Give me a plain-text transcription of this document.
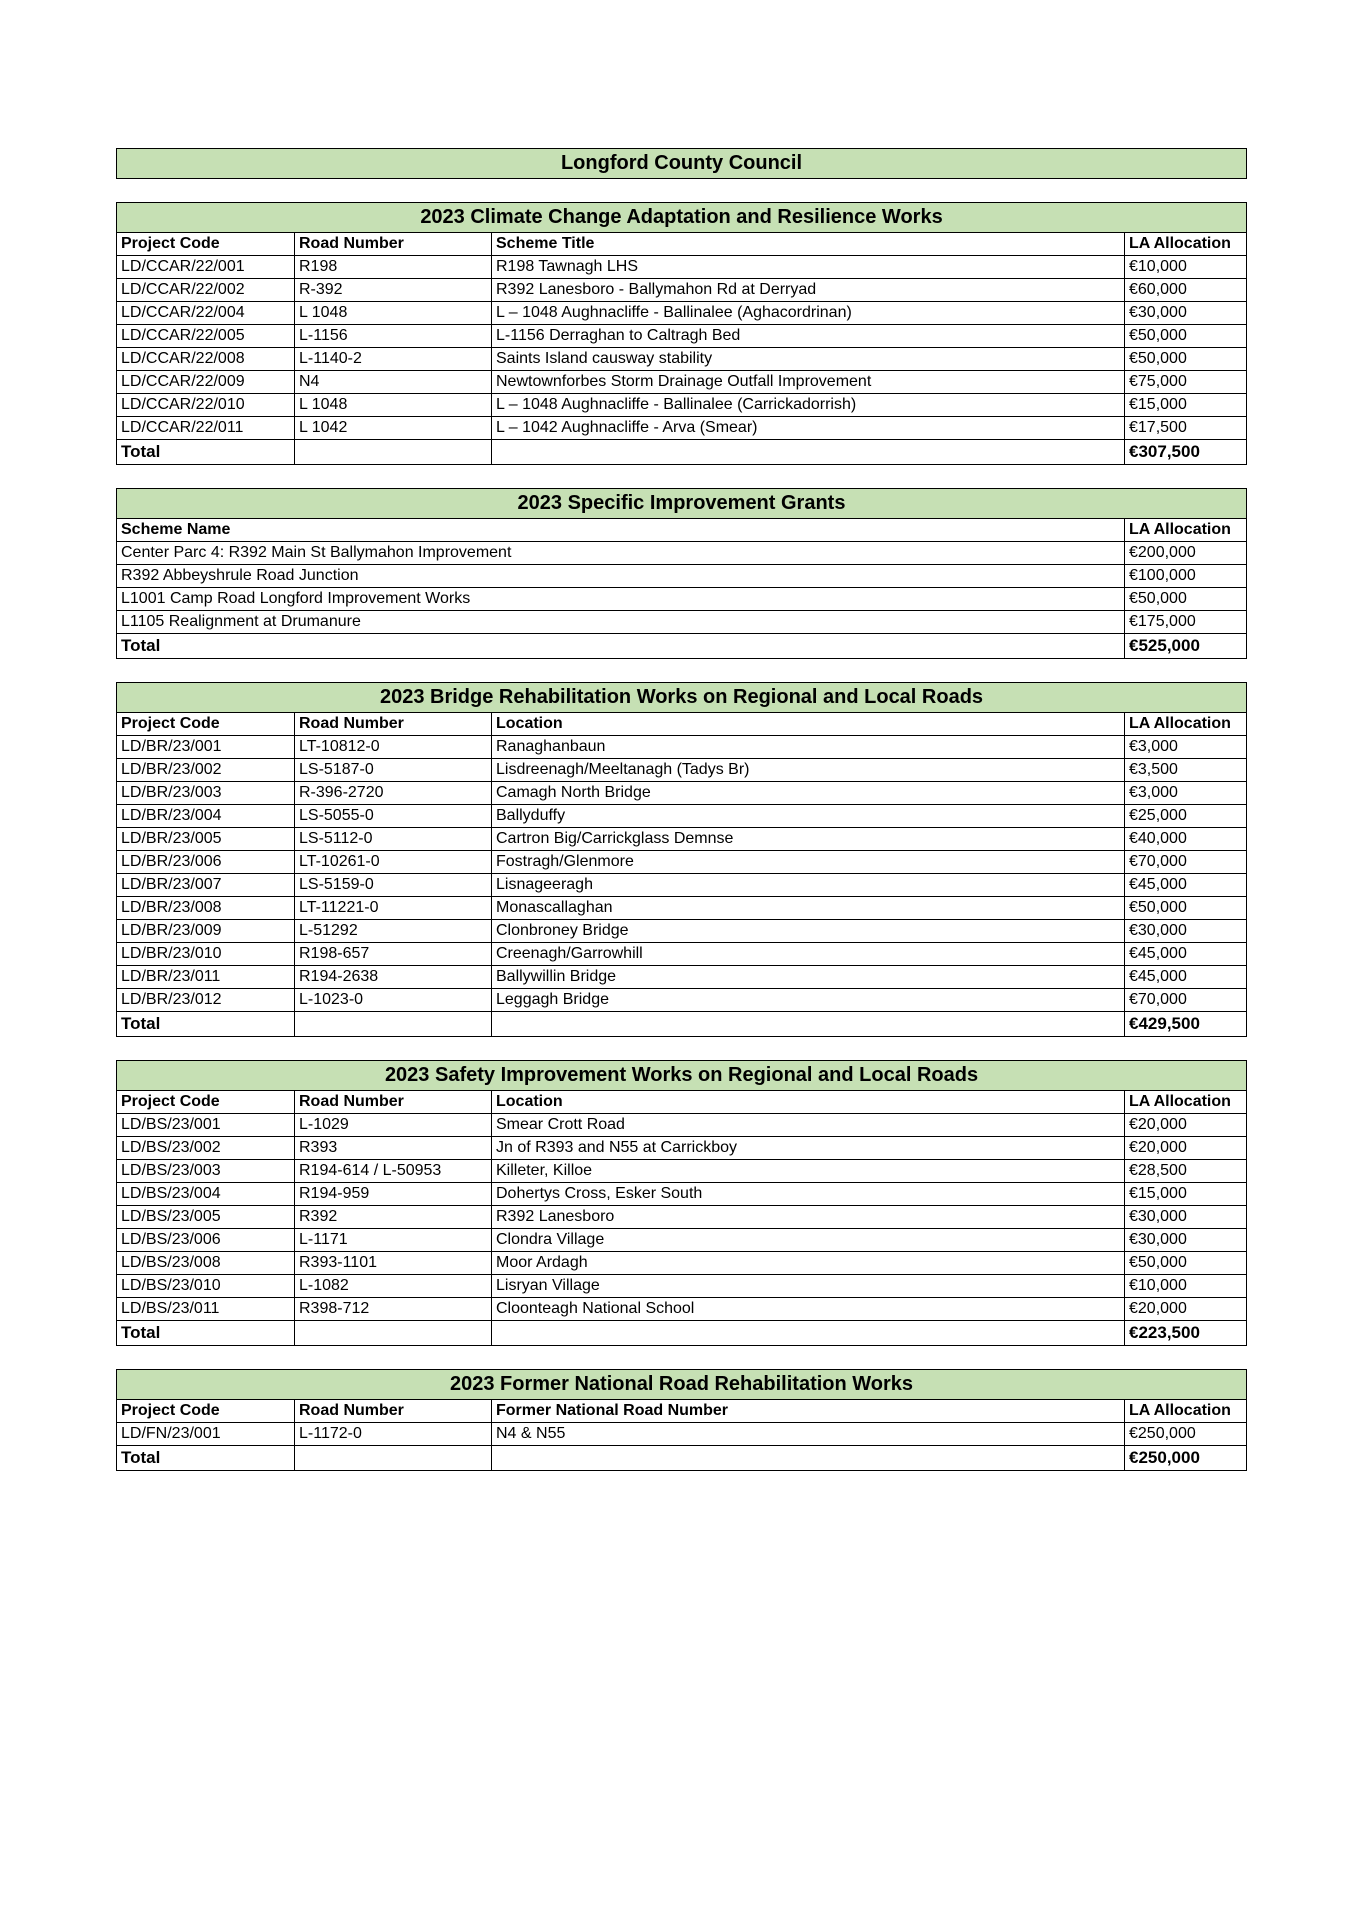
Longford County Council			

2023 Climate Change Adaptation and Resilience Works			
Project Code	Road Number	Scheme Title	LA Allocation
LD/CCAR/22/001	R198	R198 Tawnagh LHS	€10,000
LD/CCAR/22/002	R-392	R392 Lanesboro - Ballymahon Rd at Derryad	€60,000
LD/CCAR/22/004	L 1048	L – 1048 Aughnacliffe - Ballinalee (Aghacordrinan)	€30,000
LD/CCAR/22/005	L-1156	L-1156 Derraghan to Caltragh Bed	€50,000
LD/CCAR/22/008	L-1140-2	Saints Island causway stability	€50,000
LD/CCAR/22/009	N4	Newtownforbes Storm Drainage Outfall Improvement	€75,000
LD/CCAR/22/010	L 1048	L – 1048 Aughnacliffe - Ballinalee (Carrickadorrish)	€15,000
LD/CCAR/22/011	L 1042	L – 1042 Aughnacliffe - Arva (Smear)	€17,500
Total			€307,500

2023 Specific Improvement Grants			
Scheme Name			LA Allocation
Center Parc 4: R392 Main St Ballymahon Improvement			€200,000
R392 Abbeyshrule Road Junction			€100,000
L1001 Camp Road Longford Improvement Works			€50,000
L1105 Realignment at Drumanure			€175,000
Total			€525,000

2023 Bridge Rehabilitation Works on Regional and Local Roads			
Project Code	Road Number	Location	LA Allocation
LD/BR/23/001	LT-10812-0	Ranaghanbaun	€3,000
LD/BR/23/002	LS-5187-0	Lisdreenagh/Meeltanagh (Tadys Br)	€3,500
LD/BR/23/003	R-396-2720	Camagh North Bridge	€3,000
LD/BR/23/004	LS-5055-0	Ballyduffy	€25,000
LD/BR/23/005	LS-5112-0	Cartron Big/Carrickglass Demnse	€40,000
LD/BR/23/006	LT-10261-0	Fostragh/Glenmore	€70,000
LD/BR/23/007	LS-5159-0	Lisnageeragh	€45,000
LD/BR/23/008	LT-11221-0	Monascallaghan	€50,000
LD/BR/23/009	L-51292	Clonbroney Bridge	€30,000
LD/BR/23/010	R198-657	Creenagh/Garrowhill	€45,000
LD/BR/23/011	R194-2638	Ballywillin Bridge	€45,000
LD/BR/23/012	L-1023-0	Leggagh Bridge	€70,000
Total			€429,500

2023 Safety Improvement Works on Regional and Local Roads			
Project Code	Road Number	Location	LA Allocation
LD/BS/23/001	L-1029	Smear Crott Road	€20,000
LD/BS/23/002	R393	Jn of R393 and N55 at Carrickboy	€20,000
LD/BS/23/003	R194-614 / L-50953	Killeter, Killoe	€28,500
LD/BS/23/004	R194-959	Dohertys Cross, Esker South	€15,000
LD/BS/23/005	R392	R392 Lanesboro	€30,000
LD/BS/23/006	L-1171	Clondra Village	€30,000
LD/BS/23/008	R393-1101	Moor Ardagh	€50,000
LD/BS/23/010	L-1082	Lisryan Village	€10,000
LD/BS/23/011	R398-712	Cloonteagh National School	€20,000
Total			€223,500

2023 Former National Road Rehabilitation Works			
Project Code	Road Number	Former National Road Number	LA Allocation
LD/FN/23/001	L-1172-0	N4 & N55	€250,000
Total			€250,000
